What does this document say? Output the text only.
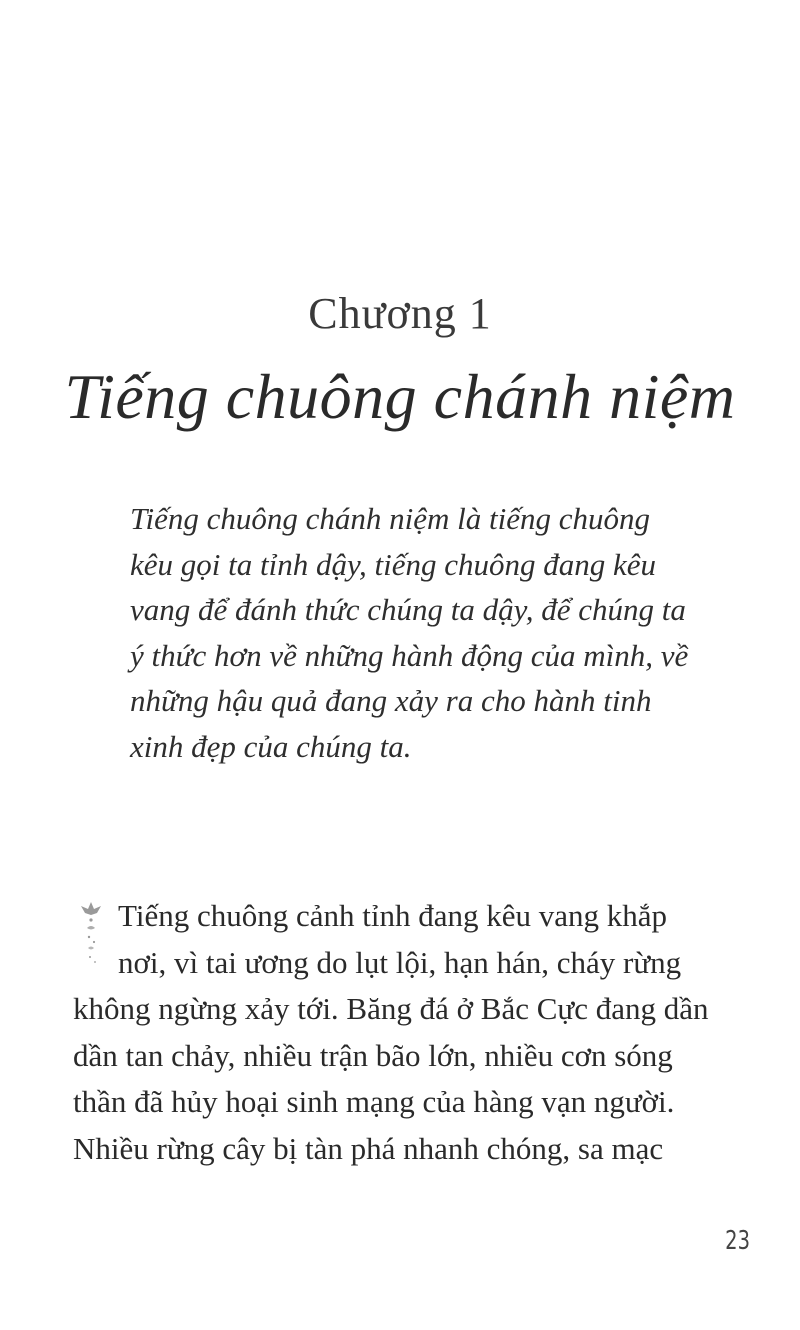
Chương 1
Tiếng chuông chánh niệm
Tiếng chuông chánh niệm là tiếng chuông
kêu gọi ta tỉnh dậy, tiếng chuông đang kêu
vang để đánh thức chúng ta dậy, để chúng ta
ý thức hơn về những hành động của mình, về
những hậu quả đang xảy ra cho hành tinh
xinh đẹp của chúng ta.
Tiếng chuông cảnh tỉnh đang kêu vang khắp
nơi, vì tai ương do lụt lội, hạn hán, cháy rừng
không ngừng xảy tới. Băng đá ở Bắc Cực đang dần
dần tan chảy, nhiều trận bão lớn, nhiều cơn sóng
thần đã hủy hoại sinh mạng của hàng vạn người.
Nhiều rừng cây bị tàn phá nhanh chóng, sa mạc
23
